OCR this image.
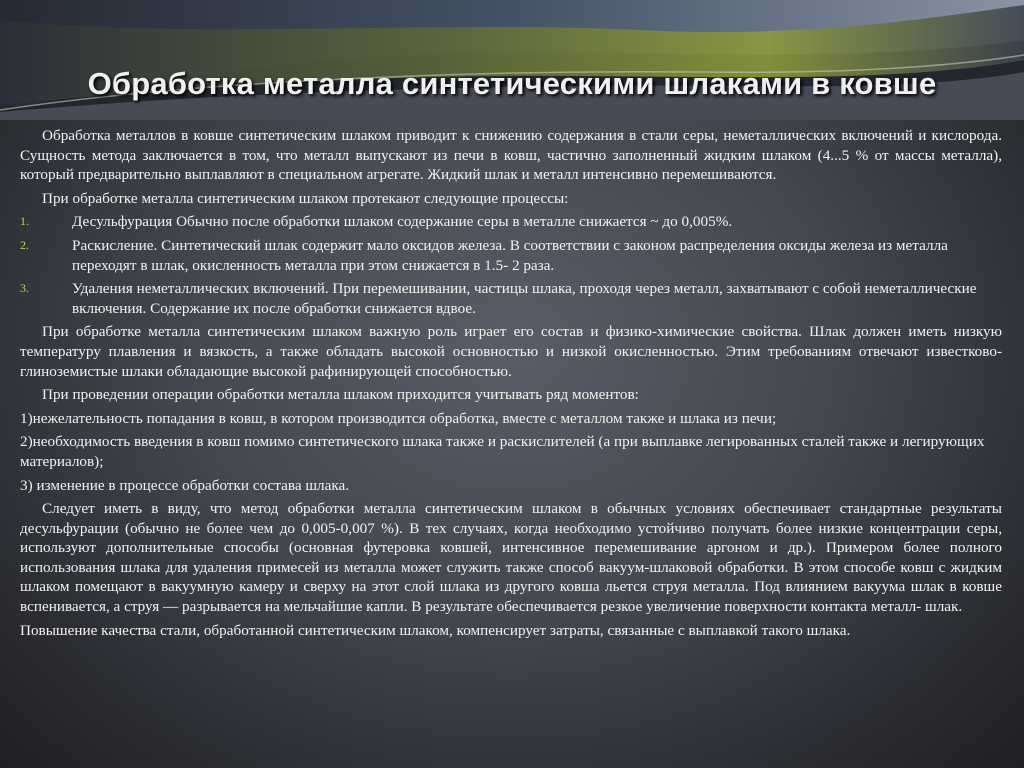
Обработка металла синтетическими шлаками в ковше

Обработка металлов в ковше синтетическим шлаком приводит к снижению содержания в стали серы, неметаллических включений и кислорода. Сущность метода заключается в том, что металл выпускают из печи в ковш, частично заполненный жидким шлаком (4...5 % от массы металла), который предварительно выплавляют в специальном агрегате. Жидкий шлак и металл интенсивно перемешиваются.

При обработке металла синтетическим шлаком протекают следующие процессы:

1.	Десульфурация Обычно после обработки шлаком содержание серы в металле снижается ~ до 0,005%.
2.	Раскисление. Синтетический шлак содержит мало оксидов железа. В соответствии с законом распределения оксиды железа из металла переходят в шлак, окисленность металла при этом снижается в 1.5- 2 раза.
3.	Удаления неметаллических включений. При перемешивании, частицы шлака, проходя через металл, захватывают с собой неметаллические включения. Содержание их после обработки снижается вдвое.

При обработке металла синтетическим шлаком важную роль играет его состав и физико-химические свойства. Шлак должен иметь низкую температуру плавления и вязкость, а также обладать высокой основностью и низкой окисленностью. Этим требованиям отвечают известково-глиноземистые шлаки обладающие высокой рафинирующей способностью.

При проведении операции обработки металла шлаком приходится учитывать ряд моментов:

1)нежелательность попадания в ковш, в котором производится обработка, вместе с металлом также и шлака из печи;

2)необходимость введения в ковш помимо синтетического шлака также и раскислителей (а при выплавке легированных сталей также и легирующих материалов);

3) изменение в процессе обработки состава шлака.

Следует иметь в виду, что метод обработки металла синтетическим шлаком в обычных условиях обеспечивает стандартные результаты десульфурации (обычно не более чем до 0,005-0,007 %). В тех случаях, когда необходимо устойчиво получать более низкие концентрации серы, используют дополнительные способы (основная футеровка ковшей, интенсивное перемешивание аргоном и др.). Примером более полного использования шлака для удаления примесей из металла может служить также способ вакуум-шлаковой обработки. В этом способе ковш с жидким шлаком помещают в вакуумную камеру и сверху на этот слой шлака из другого ковша льется струя металла. Под влиянием вакуума шлак в ковше вспенивается, а струя — разрывается на мельчайшие капли. В результате обеспечивается резкое увеличение поверхности контакта металл- шлак.

Повышение качества стали, обработанной синтетическим шлаком, компенсирует затраты, связанные с выплавкой такого шлака.
